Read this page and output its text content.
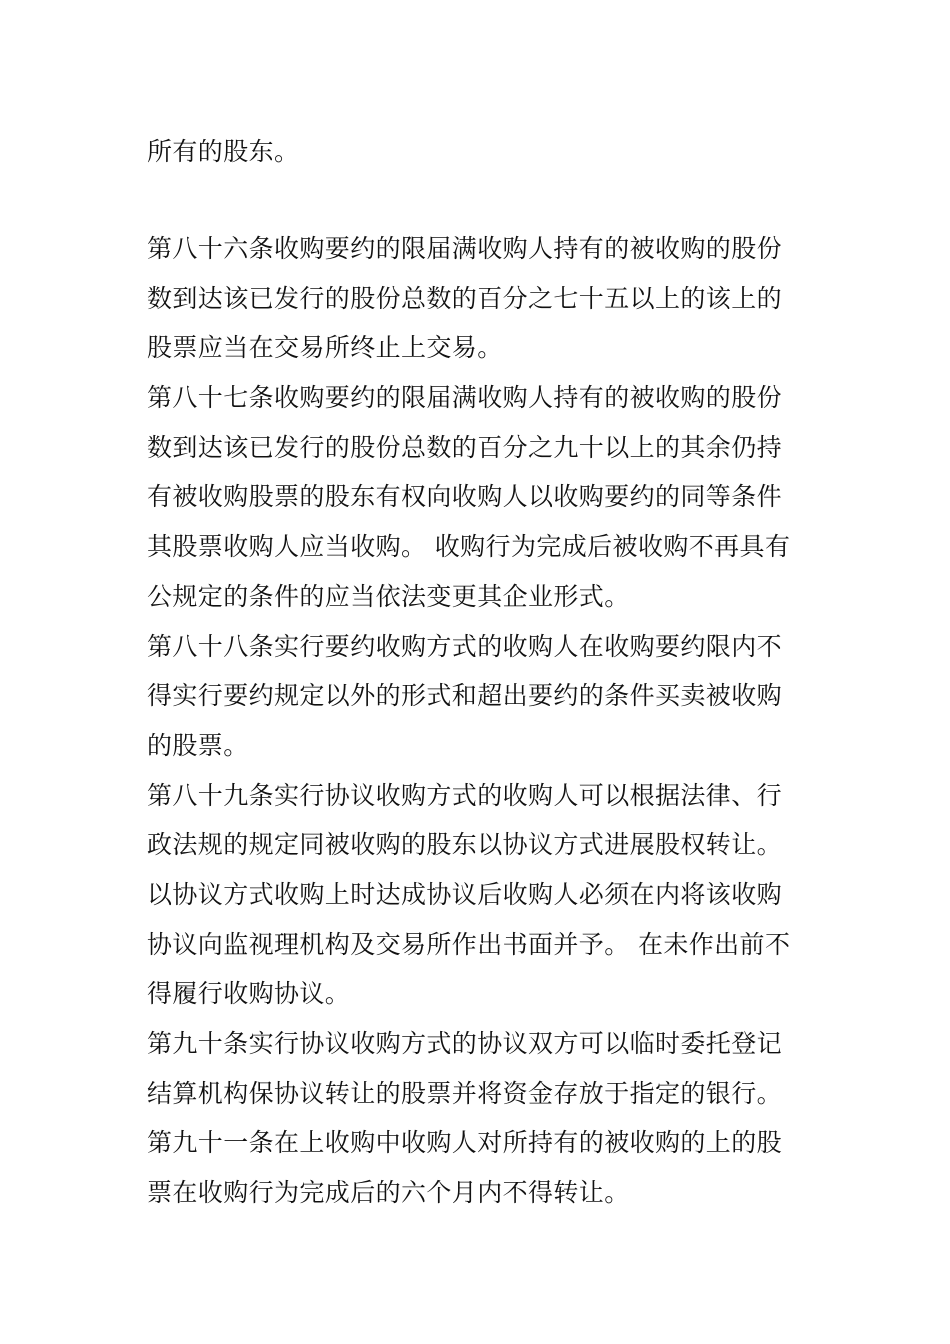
所有的股东。
第八十六条收购要约的限届满收购人持有的被收购的股份
数到达该已发行的股份总数的百分之七十五以上的该上的
股票应当在交易所终止上交易。
第八十七条收购要约的限届满收购人持有的被收购的股份
数到达该已发行的股份总数的百分之九十以上的其余仍持
有被收购股票的股东有权向收购人以收购要约的同等条件
其股票收购人应当收购。 收购行为完成后被收购不再具有
公规定的条件的应当依法变更其企业形式。
第八十八条实行要约收购方式的收购人在收购要约限内不
得实行要约规定以外的形式和超出要约的条件买卖被收购
的股票。
第八十九条实行协议收购方式的收购人可以根据法律、行
政法规的规定同被收购的股东以协议方式进展股权转让。
以协议方式收购上时达成协议后收购人必须在内将该收购
协议向监视理机构及交易所作出书面并予。 在未作出前不
得履行收购协议。
第九十条实行协议收购方式的协议双方可以临时委托登记
结算机构保协议转让的股票并将资金存放于指定的银行。
第九十一条在上收购中收购人对所持有的被收购的上的股
票在收购行为完成后的六个月内不得转让。
